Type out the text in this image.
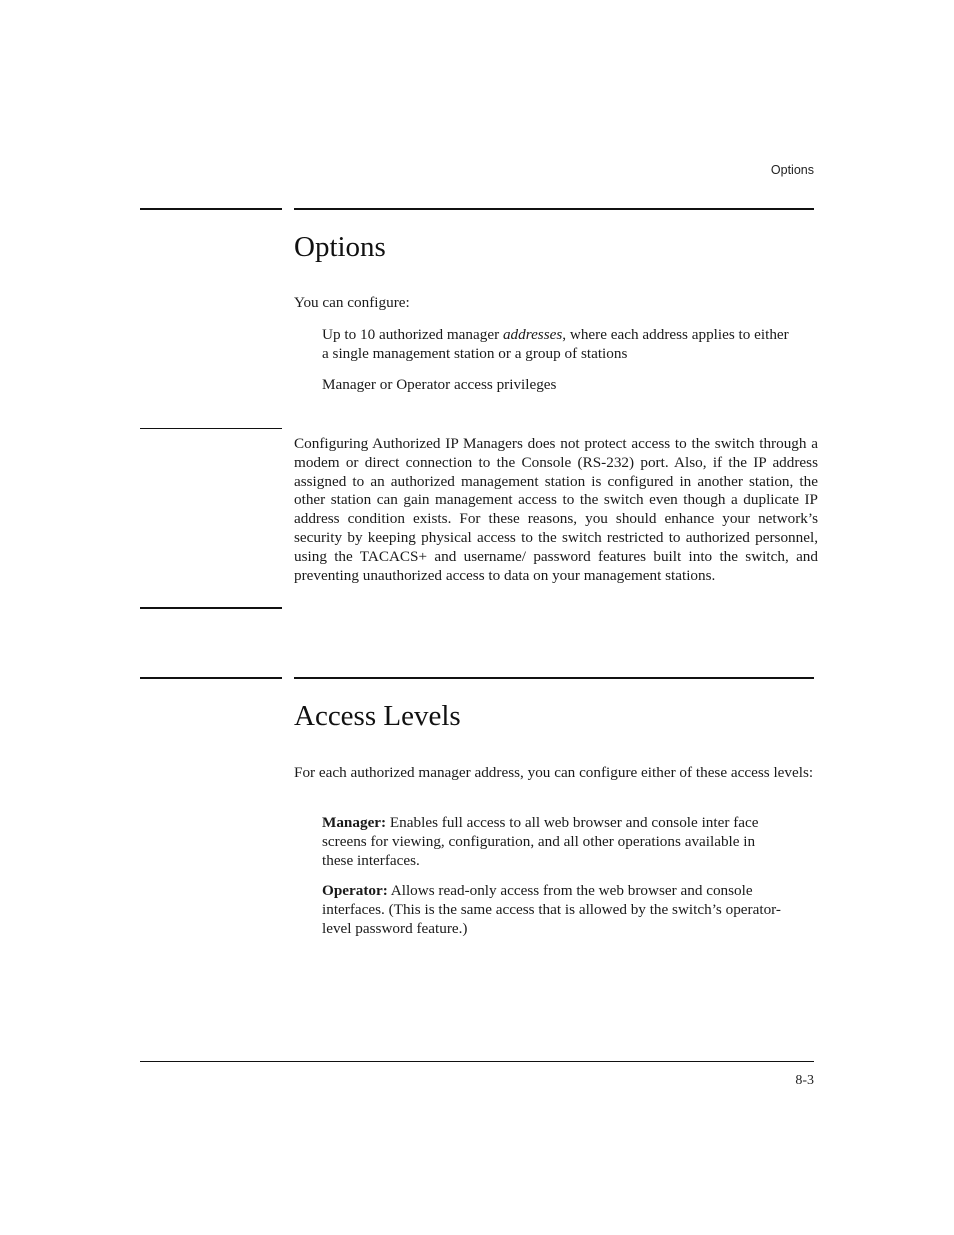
Options
Options

You can configure:

Up to 10 authorized manager addresses, where each address applies to either a single management station or a group of stations

Manager or Operator access privileges

Configuring Authorized IP Managers does not protect access to the switch through a modem or direct connection to the Console (RS-232) port. Also, if the IP address assigned to an authorized management station is configured in another station, the other station can gain management access to the switch even though a duplicate IP address condition exists. For these reasons, you should enhance your network’s security by keeping physical access to the switch restricted to authorized personnel, using the TACACS+ and username/ password features built into the switch, and preventing unauthorized access to data on your management stations.

Access Levels

For each authorized manager address, you can configure either of these access levels:

Manager: Enables full access to all web browser and console inter face screens for viewing, configuration, and all other operations available in these interfaces.

Operator: Allows read-only access from the web browser and console interfaces. (This is the same access that is allowed by the switch’s operator-level password feature.)

8-3
